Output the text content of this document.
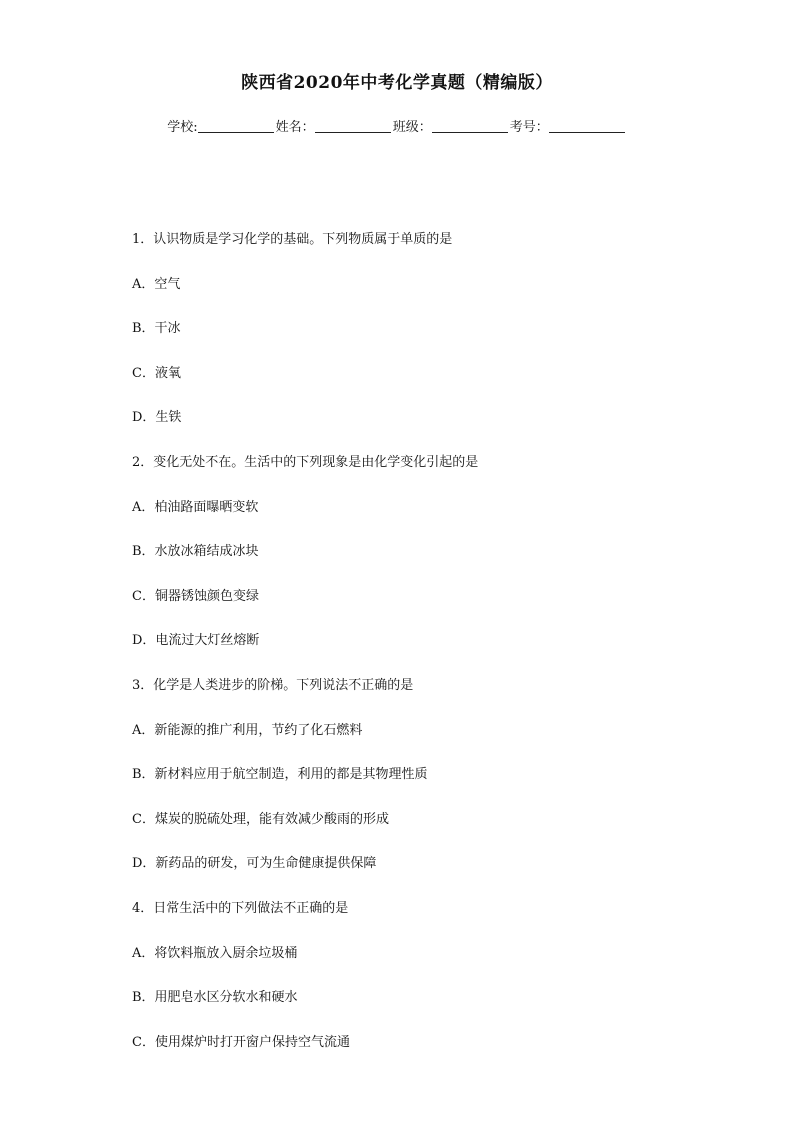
陕西省2020年中考化学真题（精编版）
学校:	姓名：	班级：	考号：
1．认识物质是学习化学的基础。下列物质属于单质的是
A．空气
B．干冰
C．液氧
D．生铁
2．变化无处不在。生活中的下列现象是由化学变化引起的是
A．柏油路面曝晒变软
B．水放冰箱结成冰块
C．铜器锈蚀颜色变绿
D．电流过大灯丝熔断
3．化学是人类进步的阶梯。下列说法不正确的是
A．新能源的推广利用，节约了化石燃料
B．新材料应用于航空制造，利用的都是其物理性质
C．煤炭的脱硫处理，能有效减少酸雨的形成
D．新药品的研发，可为生命健康提供保障
4．日常生活中的下列做法不正确的是
A．将饮料瓶放入厨余垃圾桶
B．用肥皂水区分软水和硬水
C．使用煤炉时打开窗户保持空气流通
